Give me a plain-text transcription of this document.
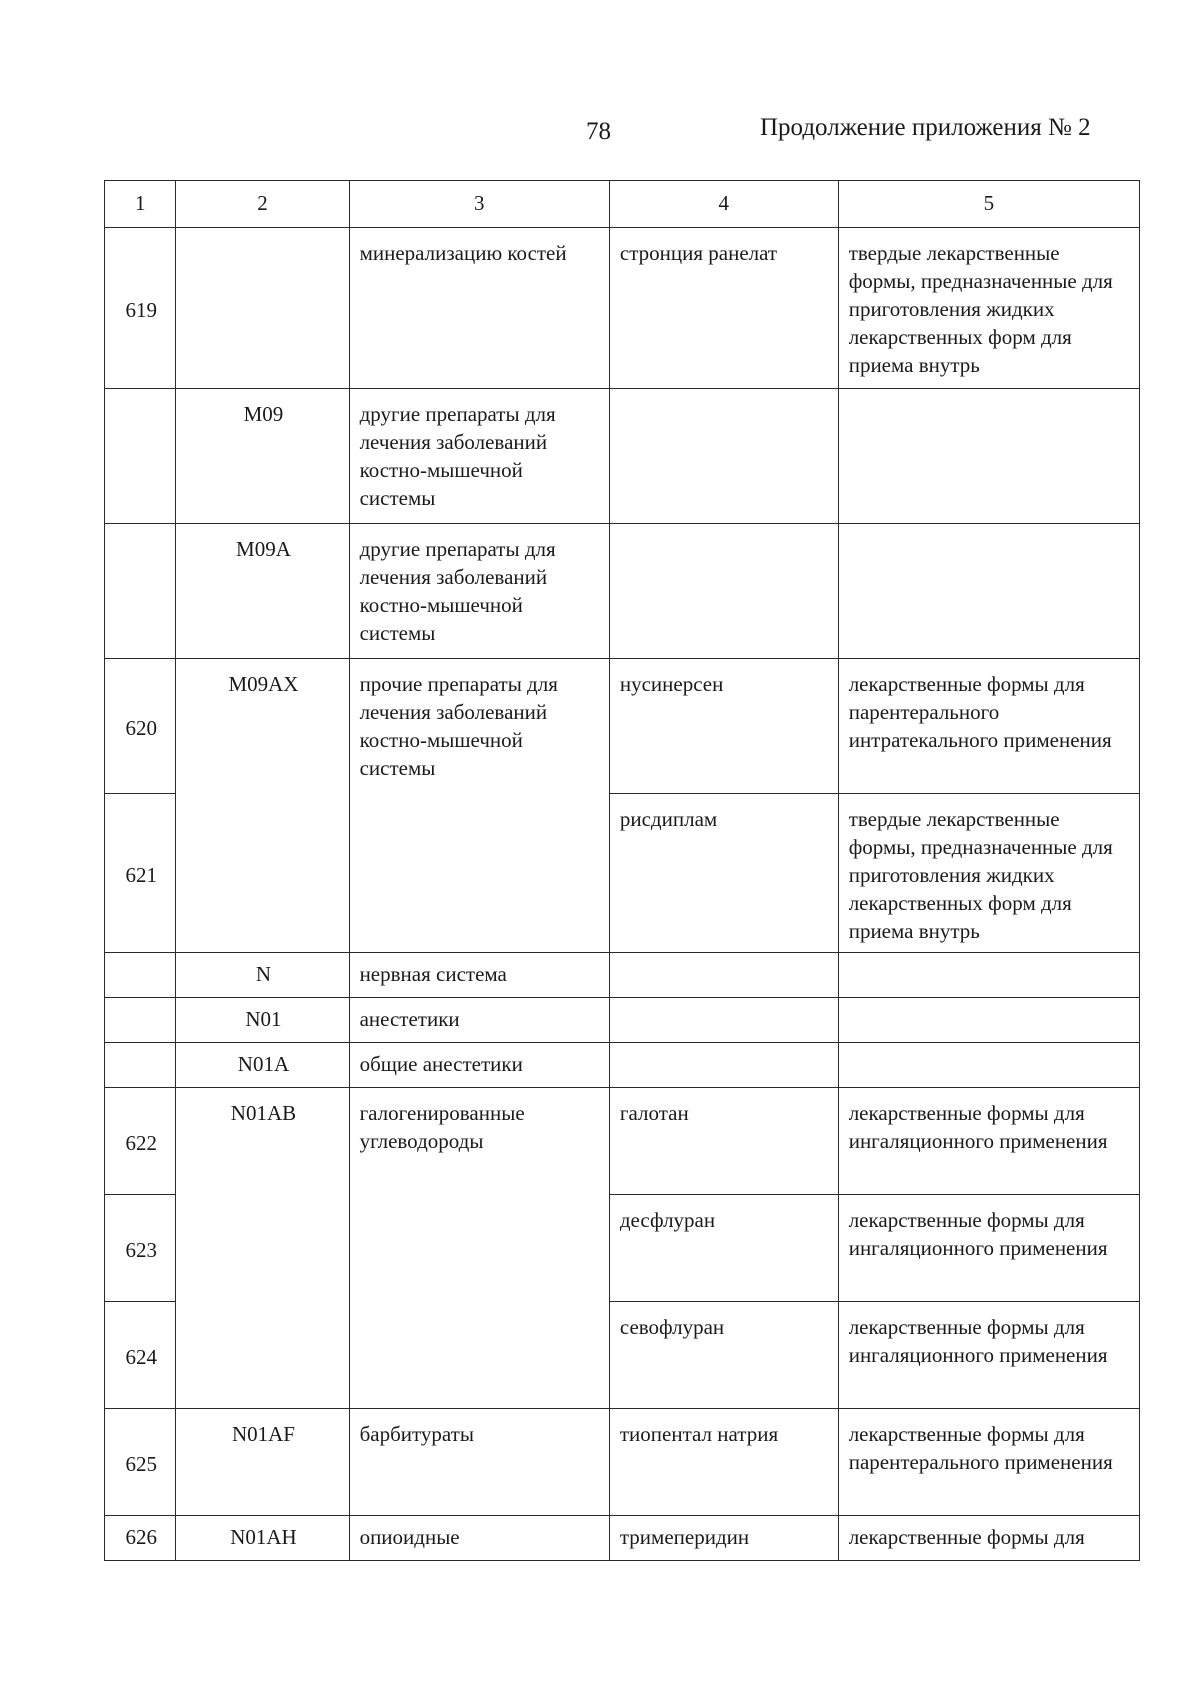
78	Продолжение приложения № 2
1	2	3	4	5
619		минерализацию костей	стронция ранелат	твердые лекарственные формы, предназначенные для приготовления жидких лекарственных форм для приема внутрь
	M09	другие препараты для лечения заболеваний костно-мышечной системы		
	M09A	другие препараты для лечения заболеваний костно-мышечной системы		
620	M09AX	прочие препараты для лечения заболеваний костно-мышечной системы	нусинерсен	лекарственные формы для парентерального интратекального применения
621			рисдиплам	твердые лекарственные формы, предназначенные для приготовления жидких лекарственных форм для приема внутрь
	N	нервная система		
	N01	анестетики		
	N01A	общие анестетики		
622	N01AB	галогенированные углеводороды	галотан	лекарственные формы для ингаляционного применения
623			десфлуран	лекарственные формы для ингаляционного применения
624			севофлуран	лекарственные формы для ингаляционного применения
625	N01AF	барбитураты	тиопентал натрия	лекарственные формы для парентерального применения
626	N01AH	опиоидные	тримеперидин	лекарственные формы для
